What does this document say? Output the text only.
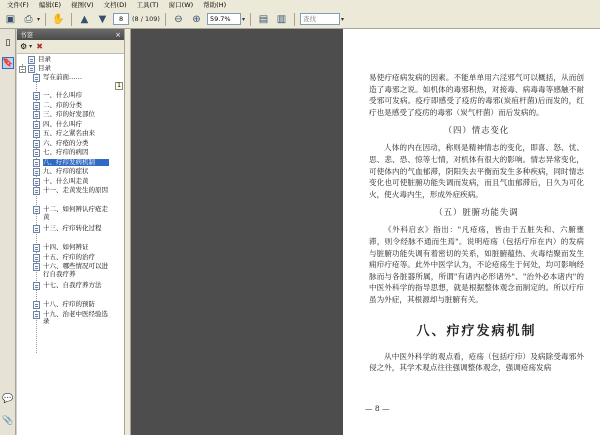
文件(F)	编辑(E)	视图(V)	文档(D)	工具(T)	窗口(W)	帮助(H)
▣ ⎙ ▾ ✋	▲	▼
8	(8 / 109)	⊖ ⊕
59.7%	▾ ▤ ▥
查找	▾
▯
🔖
💬
📎
书签	×
⚙ ▾ ✖
目录
− 目录
写在前面……
一、什么叫疖
二、疖的分类
三、疖的好发部位
四、什么叫疔
五、疔之紧名由来
六、疔疮的分类
七、疔疖的病因
八、疔疖发病机制
九、疔疖的症状
十、什么叫走黄
十一、走黄发生的原因
十二、如何辨认疔疮走黄
十三、疔疖转化过程
十四、如何辨证
十五、疔疖的治疗
十六、哪些情况可以进行自我疗养
十七、自我疗养方法
十八、疔疖的预防
十九、治老中医经验选录
1

易使疔疮病发病的因素。不能单单用六淫邪气可以概括，从而创造了毒邪之说。如机体的毒邪积热，对接毒、病毒毒等感触不耐受邪可发病。疫疔即感受了疫疠的毒邪(炭疽杆菌)后而发的，红疔也是感受了疫疠的毒邪（炭气杆菌）而后发病的。

（四）情志变化

人体的内在因动，称则是精神情志的变化，即喜、怒、忧、思、悲、恐、惊等七情，对机体有很大的影响。情志异常变化，可使体内的气血郁滞，阴阳失去平衡而发生多种疾病，同时情志变化也可使脏腑功能失调而发病，而且气血郁滞后，日久为可化火，使火毒内生，形成外症疾病。

（五）脏腑功能失调

《外科启玄》指出："凡疮疡，皆由于五脏失和、六腑壅滞，则令经脉不通而生焉"。说明疮疡（包括疔疖在内）的发病与脏腑功能失调有着密切的关系，如脏腑蕴热、火毒结聚而发生痈疖疔疮等。此外中医学认为，不论疮疡生于何处，均可影响经脉而与各脏器所属，所谓"有诸内必形诸外"、"治外必本诸内"的中医外科学的指导思想，就是根据整体观念而制定的。所以疔疖虽为外症，其根源却与脏腑有关。

八、疖疗发病机制

从中医外科学的观点看，疮疡（包括疔疖）及病除受毒邪外侵之外，其学术观点往往强调整体观念，强调疮疡发病

— 8 —
